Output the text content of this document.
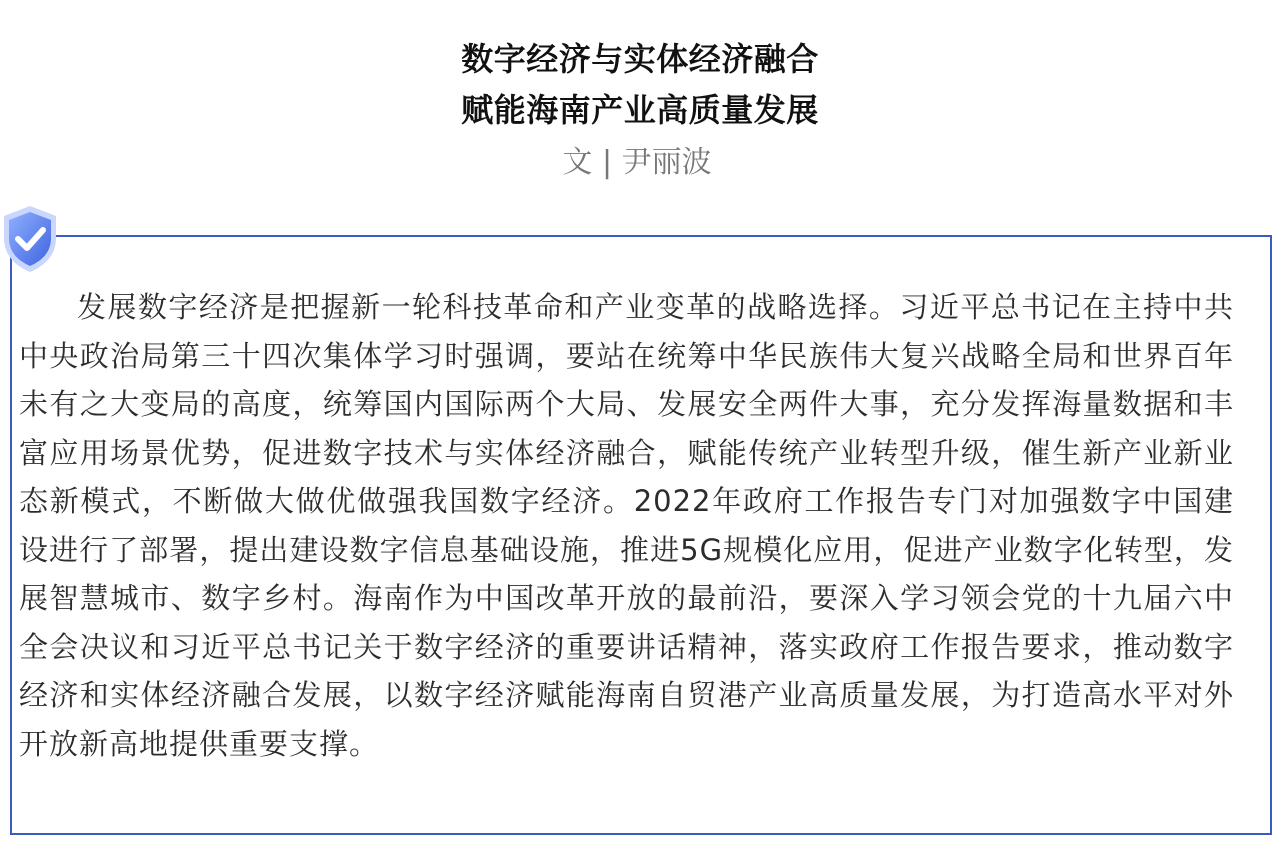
数字经济与实体经济融合
赋能海南产业高质量发展
文 | 尹丽波

发展数字经济是把握新一轮科技革命和产业变革的战略选择。习近平总书记在主持中共中央政治局第三十四次集体学习时强调，要站在统筹中华民族伟大复兴战略全局和世界百年未有之大变局的高度，统筹国内国际两个大局、发展安全两件大事，充分发挥海量数据和丰富应用场景优势，促进数字技术与实体经济融合，赋能传统产业转型升级，催生新产业新业态新模式，不断做大做优做强我国数字经济。2022年政府工作报告专门对加强数字中国建设进行了部署，提出建设数字信息基础设施，推进5G规模化应用，促进产业数字化转型，发展智慧城市、数字乡村。海南作为中国改革开放的最前沿，要深入学习领会党的十九届六中全会决议和习近平总书记关于数字经济的重要讲话精神，落实政府工作报告要求，推动数字经济和实体经济融合发展，以数字经济赋能海南自贸港产业高质量发展，为打造高水平对外开放新高地提供重要支撑。
